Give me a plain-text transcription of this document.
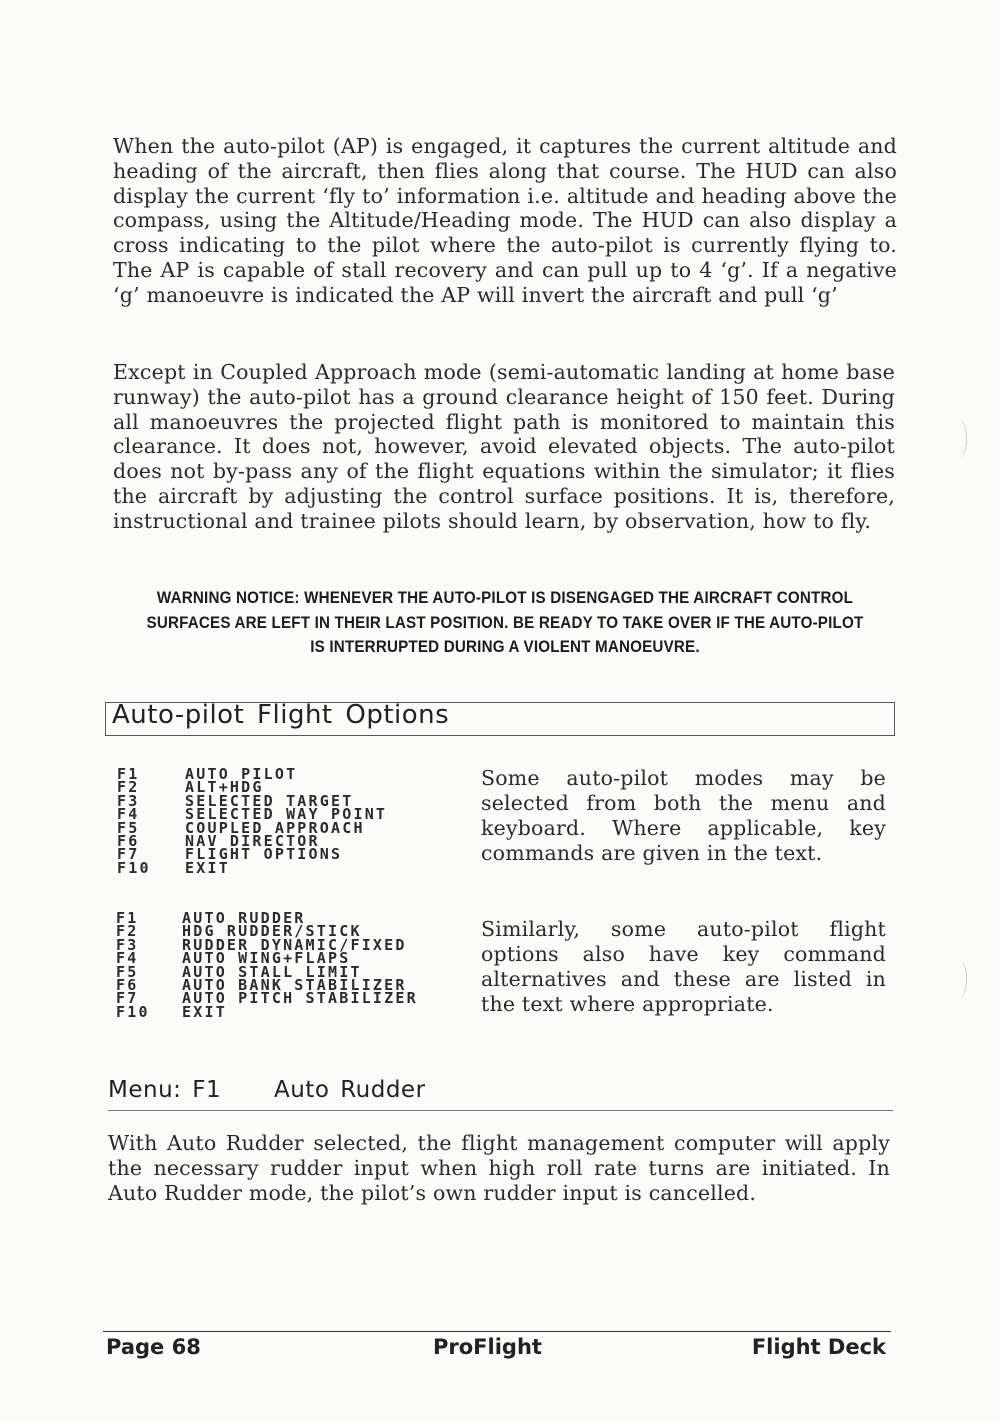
When the auto-pilot (AP) is engaged, it captures the current altitude and heading of the aircraft, then flies along that course. The HUD can also display the current ‘fly to’ information i.e. altitude and heading above the compass, using the Altitude/Heading mode. The HUD can also display a cross indicating to the pilot where the auto-pilot is currently flying to. The AP is capable of stall recovery and can pull up to 4 ‘g’. If a negative ‘g’ manoeuvre is indicated the AP will invert the aircraft and pull ‘g’

Except in Coupled Approach mode (semi-automatic landing at home base runway) the auto-pilot has a ground clearance height of 150 feet. During all manoeuvres the projected flight path is monitored to maintain this clearance. It does not, however, avoid elevated objects. The auto-pilot does not by-pass any of the flight equations within the simulator; it flies the aircraft by adjusting the control surface positions. It is, therefore, instructional and trainee pilots should learn, by observation, how to fly.

WARNING NOTICE: WHENEVER THE AUTO-PILOT IS DISENGAGED THE AIRCRAFT CONTROL SURFACES ARE LEFT IN THEIR LAST POSITION. BE READY TO TAKE OVER IF THE AUTO-PILOT IS INTERRUPTED DURING A VIOLENT MANOEUVRE.
Auto-pilot Flight Options
F1	AUTO PILOT
F2	ALT+HDG
F3	SELECTED TARGET
F4	SELECTED WAY POINT
F5	COUPLED APPROACH
F6	NAV DIRECTOR
F7	FLIGHT OPTIONS
F10 EXIT

Some auto-pilot modes may be selected from both the menu and keyboard. Where applicable, key commands are given in the text.

F1	AUTO RUDDER
F2	HDG RUDDER/STICK
F3	RUDDER DYNAMIC/FIXED
F4	AUTO WING+FLAPS
F5	AUTO STALL LIMIT
F6	AUTO BANK STABILIZER
F7	AUTO PITCH STABILIZER
F10 EXIT

Similarly, some auto-pilot flight options also have key command alternatives and these are listed in the text where appropriate.

Menu: F1 Auto Rudder

With Auto Rudder selected, the flight management computer will apply the necessary rudder input when high roll rate turns are initiated. In Auto Rudder mode, the pilot’s own rudder input is cancelled.

Page 68	ProFlight	Flight Deck
